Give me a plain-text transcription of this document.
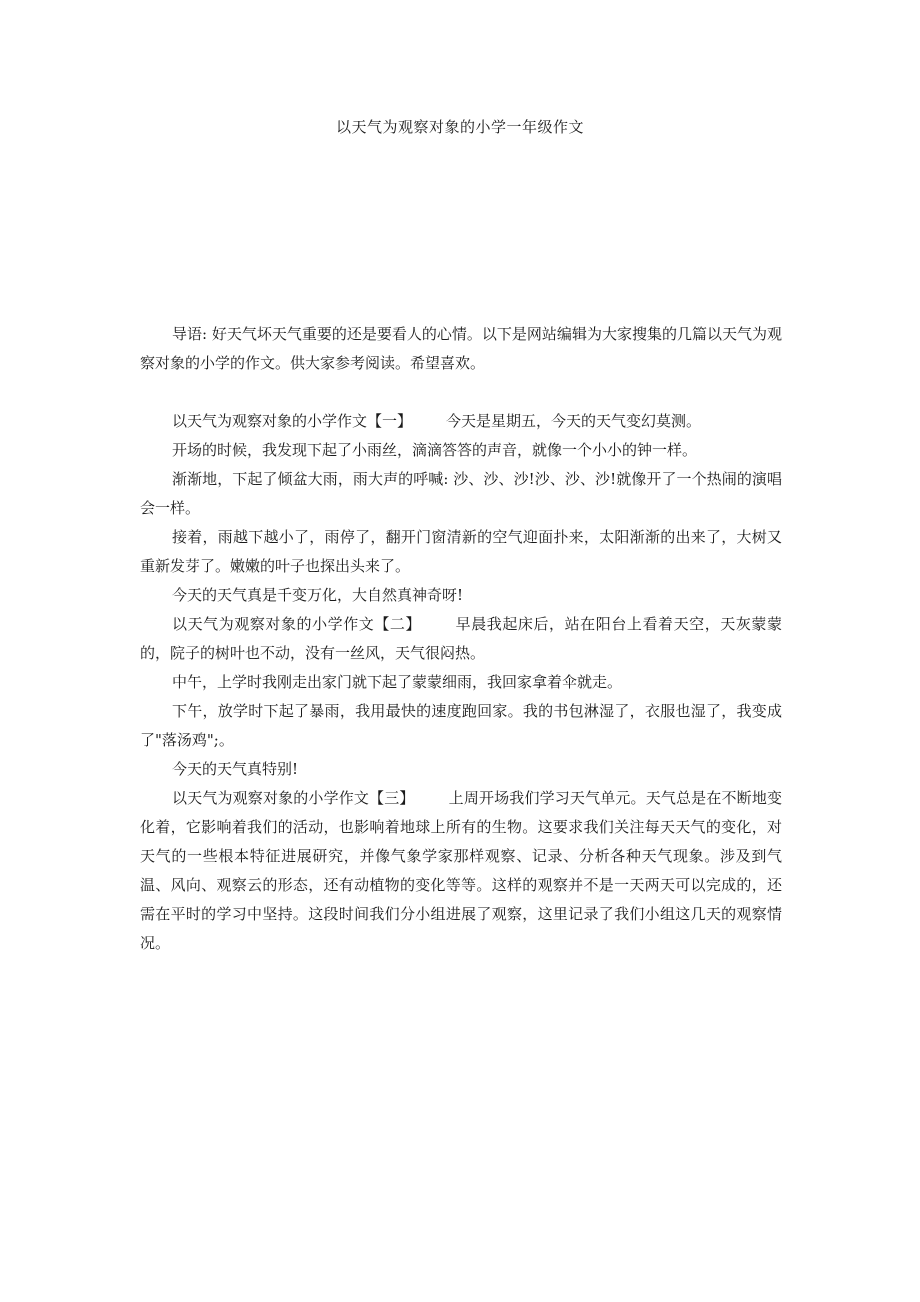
以天气为观察对象的小学一年级作文

导语: 好天气坏天气重要的还是要看人的心情。以下是网站编辑为大家搜集的几篇以天气为观察对象的小学的作文。供大家参考阅读。希望喜欢。

以天气为观察对象的小学作文【一】 今天是星期五，今天的天气变幻莫测。

开场的时候，我发现下起了小雨丝，滴滴答答的声音，就像一个小小的钟一样。

渐渐地，下起了倾盆大雨，雨大声的呼喊: 沙、沙、沙!沙、沙、沙!就像开了一个热闹的演唱会一样。

接着，雨越下越小了，雨停了，翻开门窗清新的空气迎面扑来，太阳渐渐的出来了，大树又重新发芽了。嫩嫩的叶子也探出头来了。

今天的天气真是千变万化，大自然真神奇呀!

以天气为观察对象的小学作文【二】 早晨我起床后，站在阳台上看着天空，天灰蒙蒙的，院子的树叶也不动，没有一丝风，天气很闷热。

中午，上学时我刚走出家门就下起了蒙蒙细雨，我回家拿着伞就走。

下午，放学时下起了暴雨，我用最快的速度跑回家。我的书包淋湿了，衣服也湿了，我变成了"落汤鸡";。

今天的天气真特别!

以天气为观察对象的小学作文【三】 上周开场我们学习天气单元。天气总是在不断地变化着，它影响着我们的活动，也影响着地球上所有的生物。这要求我们关注每天天气的变化，对天气的一些根本特征进展研究，并像气象学家那样观察、记录、分析各种天气现象。涉及到气温、风向、观察云的形态，还有动植物的变化等等。这样的观察并不是一天两天可以完成的，还需在平时的学习中坚持。这段时间我们分小组进展了观察，这里记录了我们小组这几天的观察情况。
